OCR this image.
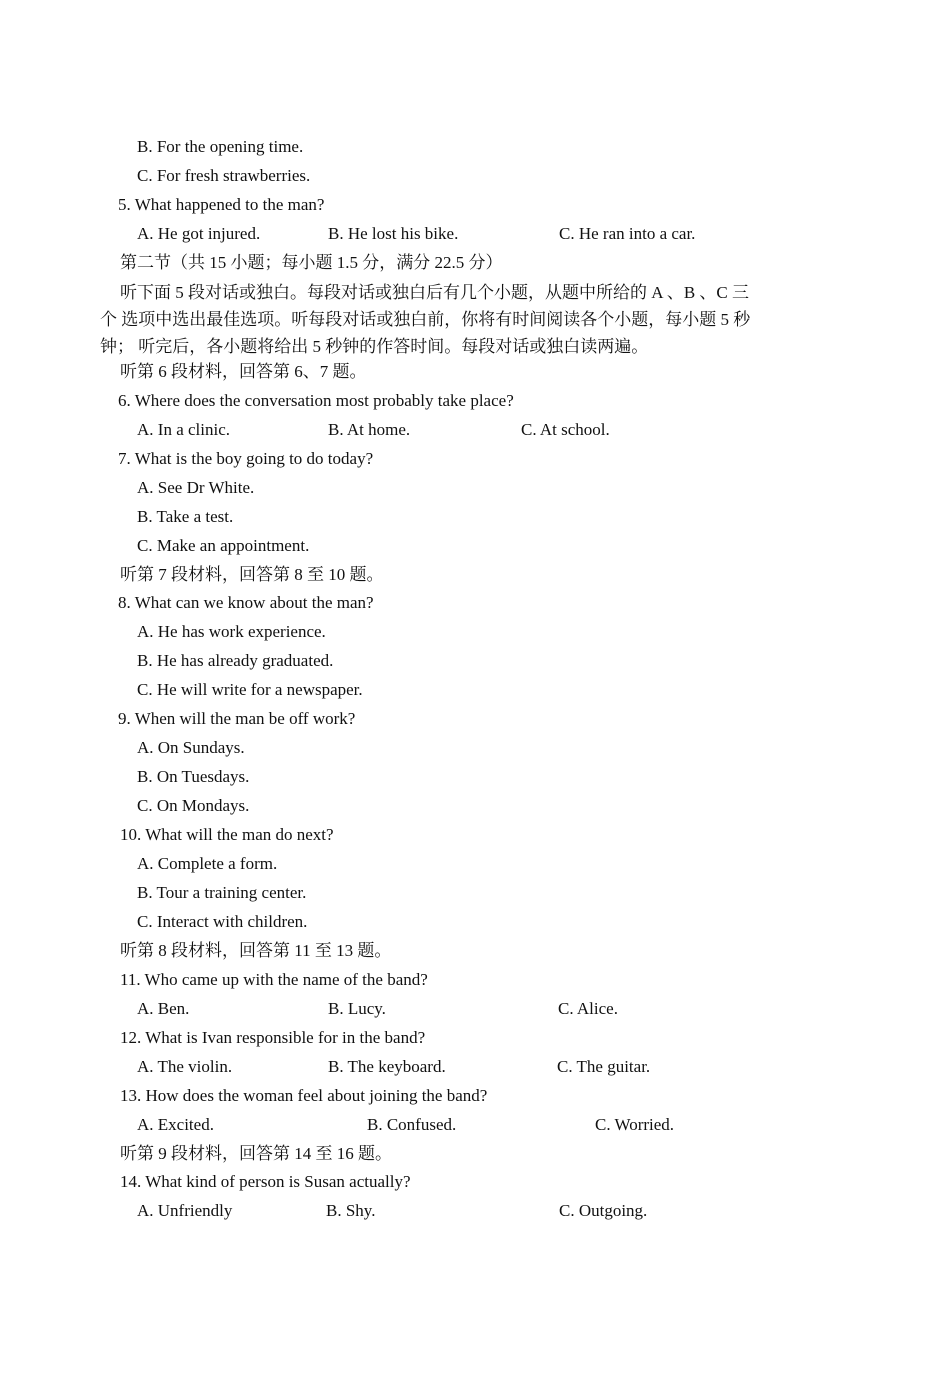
B. For the opening time.
C. For fresh strawberries.
5. What happened to the man?
A. He got injured.	B. He lost his bike.	C. He ran into a car.
第二节（共 15 小题；每小题 1.5 分，满分 22.5 分）
听下面 5 段对话或独白。每段对话或独白后有几个小题，从题中所给的 A 、B 、C 三
个 选项中选出最佳选项。听每段对话或独白前，你将有时间阅读各个小题，每小题 5 秒
钟； 听完后，各小题将给出 5 秒钟的作答时间。每段对话或独白读两遍。
听第 6 段材料，回答第 6、7 题。
6. Where does the conversation most probably take place?
A. In a clinic.	B. At home.	C. At school.
7. What is the boy going to do today?
A. See Dr White.
B. Take a test.
C. Make an appointment.
听第 7 段材料，回答第 8 至 10 题。
8. What can we know about the man?
A. He has work experience.
B. He has already graduated.
C. He will write for a newspaper.
9. When will the man be off work?
A. On Sundays.
B. On Tuesdays.
C. On Mondays.
10. What will the man do next?
A. Complete a form.
B. Tour a training center.
C. Interact with children.
听第 8 段材料，回答第 11 至 13 题。
11. Who came up with the name of the band?
A. Ben.	B. Lucy.	C. Alice.
12. What is Ivan responsible for in the band?
A. The violin.	B. The keyboard.	C. The guitar.
13. How does the woman feel about joining the band?
A. Excited.	B. Confused.	C. Worried.
听第 9 段材料，回答第 14 至 16 题。
14. What kind of person is Susan actually?
A. Unfriendly	B. Shy.	C. Outgoing.
